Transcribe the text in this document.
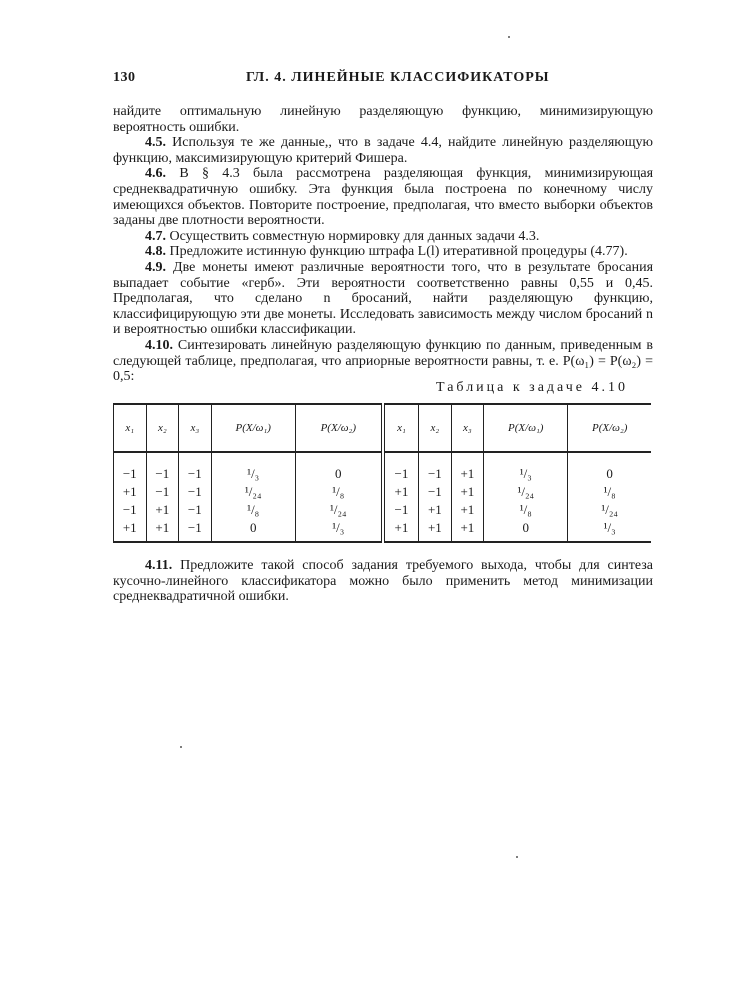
130	ГЛ. 4. ЛИНЕЙНЫЕ КЛАССИФИКАТОРЫ

найдите оптимальную линейную разделяющую функцию, минимизирующую вероятность ошибки.

4.5. Используя те же данные,, что в задаче 4.4, найдите линейную разделяющую функцию, максимизирующую критерий Фишера.

4.6. В § 4.3 была рассмотрена разделяющая функция, минимизирующая среднеквадратичную ошибку. Эта функция была построена по конечному числу имеющихся объектов. Повторите построение, предполагая, что вместо выборки объектов заданы две плотности вероятности.

4.7. Осуществить совместную нормировку для данных задачи 4.3.

4.8. Предложите истинную функцию штрафа L(l) итеративной процедуры (4.77).

4.9. Две монеты имеют различные вероятности того, что в результате бросания выпадает событие «герб». Эти вероятности соответственно равны 0,55 и 0,45. Предполагая, что сделано n бросаний, найти разделяющую функцию, классифицирующую эти две монеты. Исследовать зависимость между числом бросаний n и вероятностью ошибки классификации.

4.10. Синтезировать линейную разделяющую функцию по данным, приведенным в следующей таблице, предполагая, что априорные вероятности равны, т. е. P(ω₁) = P(ω₂) = 0,5:

Таблица к задаче 4.10
x₁	x₂	x₃	P(X/ω₁)	P(X/ω₂)	x₁	x₂	x₃	P(X/ω₁)	P(X/ω₂)
−1	−1	−1	¹/₃	0	−1	−1	+1	¹/₃	0
+1	−1	−1	¹/₂₄	¹/₈	+1	−1	+1	¹/₂₄	¹/₈
−1	+1	−1	¹/₈	¹/₂₄	−1	+1	+1	¹/₈	¹/₂₄
+1	+1	−1	0	¹/₃	+1	+1	+1	0	¹/₃

4.11. Предложите такой способ задания требуемого выхода, чтобы для синтеза кусочно-линейного классификатора можно было применить метод минимизации среднеквадратичной ошибки.
